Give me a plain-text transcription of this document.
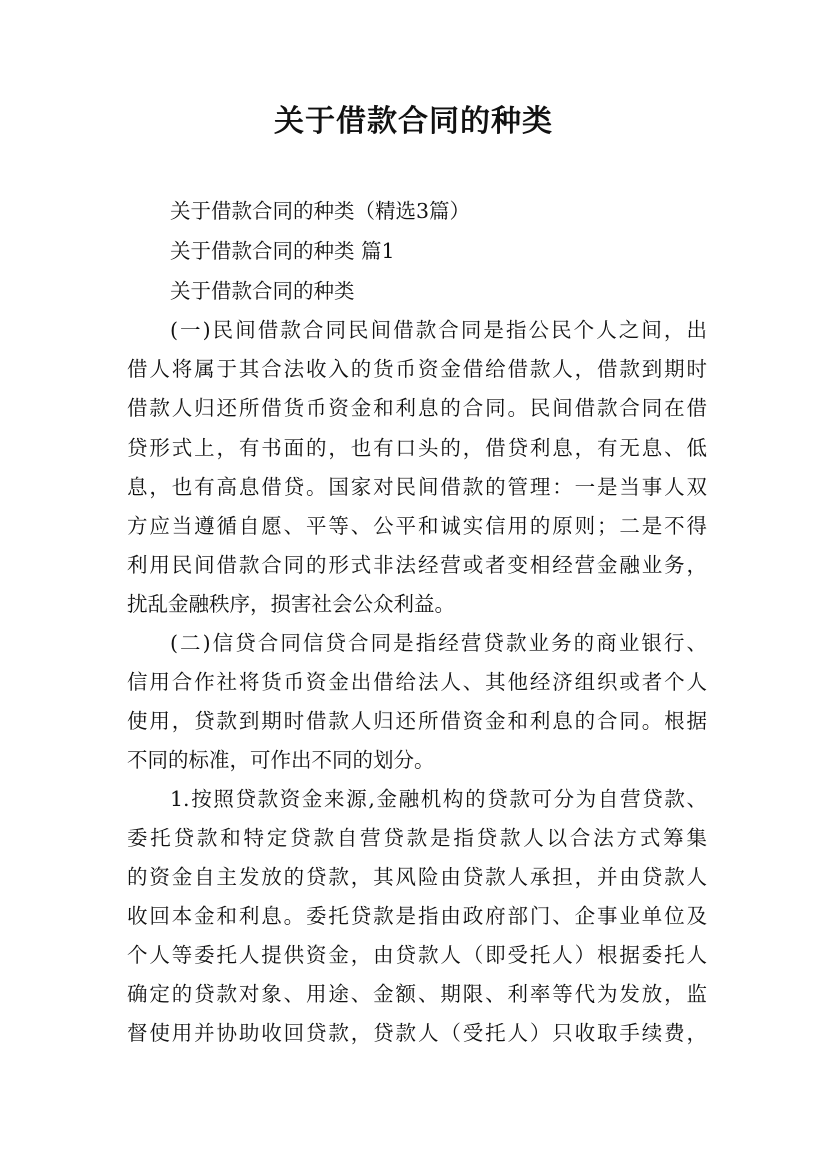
关于借款合同的种类
关于借款合同的种类（精选3篇）
关于借款合同的种类 篇1
关于借款合同的种类
(一)民间借款合同民间借款合同是指公民个人之间，出
借人将属于其合法收入的货币资金借给借款人，借款到期时
借款人归还所借货币资金和利息的合同。民间借款合同在借
贷形式上，有书面的，也有口头的，借贷利息，有无息、低
息，也有高息借贷。国家对民间借款的管理：一是当事人双
方应当遵循自愿、平等、公平和诚实信用的原则；二是不得
利用民间借款合同的形式非法经营或者变相经营金融业务，
扰乱金融秩序，损害社会公众利益。
(二)信贷合同信贷合同是指经营贷款业务的商业银行、
信用合作社将货币资金出借给法人、其他经济组织或者个人
使用，贷款到期时借款人归还所借资金和利息的合同。根据
不同的标准，可作出不同的划分。
1.按照贷款资金来源,金融机构的贷款可分为自营贷款、
委托贷款和特定贷款自营贷款是指贷款人以合法方式筹集
的资金自主发放的贷款，其风险由贷款人承担，并由贷款人
收回本金和利息。委托贷款是指由政府部门、企事业单位及
个人等委托人提供资金，由贷款人（即受托人）根据委托人
确定的贷款对象、用途、金额、期限、利率等代为发放，监
督使用并协助收回贷款，贷款人（受托人）只收取手续费，
